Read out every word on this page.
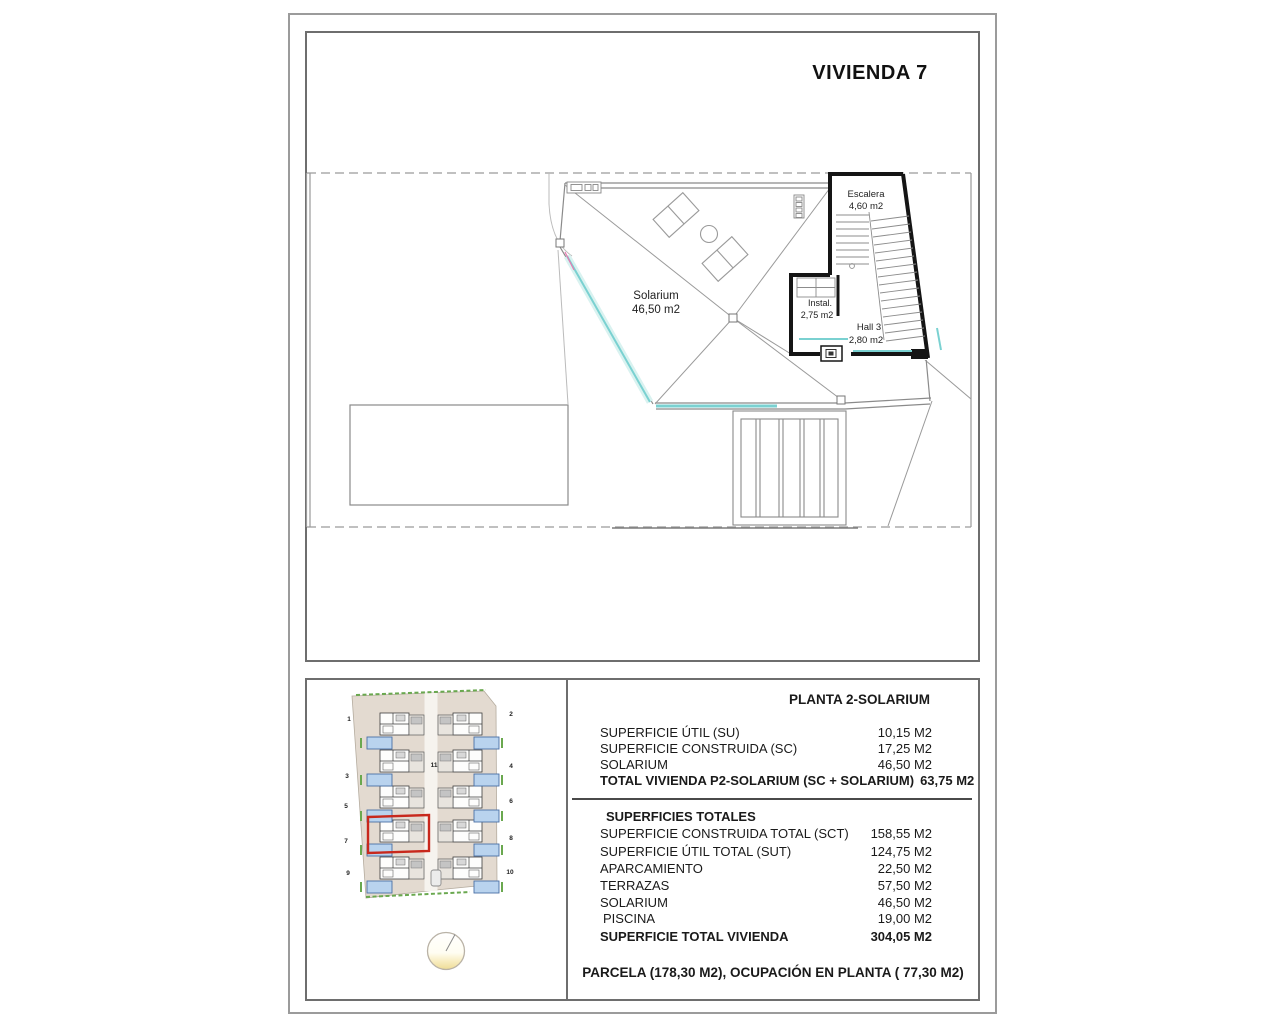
VIVIENDA 7
Solarium
46,50 m2
Escalera
4,60 m2
Instal.
2,75 m2
Hall 3
2,80 m2
1
3
5
7
9
2
4
6
8
10
11
PLANTA 2-SOLARIUM
SUPERFICIE ÚTIL (SU)	10,15 M2
SUPERFICIE CONSTRUIDA (SC)	17,25 M2
SOLARIUM	46,50 M2
TOTAL VIVIENDA P2-SOLARIUM (SC + SOLARIUM) 63,75 M2
SUPERFICIES TOTALES
SUPERFICIE CONSTRUIDA TOTAL (SCT)	158,55 M2
SUPERFICIE ÚTIL TOTAL (SUT)	124,75 M2
APARCAMIENTO	22,50 M2
TERRAZAS	57,50 M2
SOLARIUM	46,50 M2
PISCINA	19,00 M2
SUPERFICIE TOTAL VIVIENDA	304,05 M2
PARCELA (178,30 M2), OCUPACIÓN EN PLANTA ( 77,30 M2)
